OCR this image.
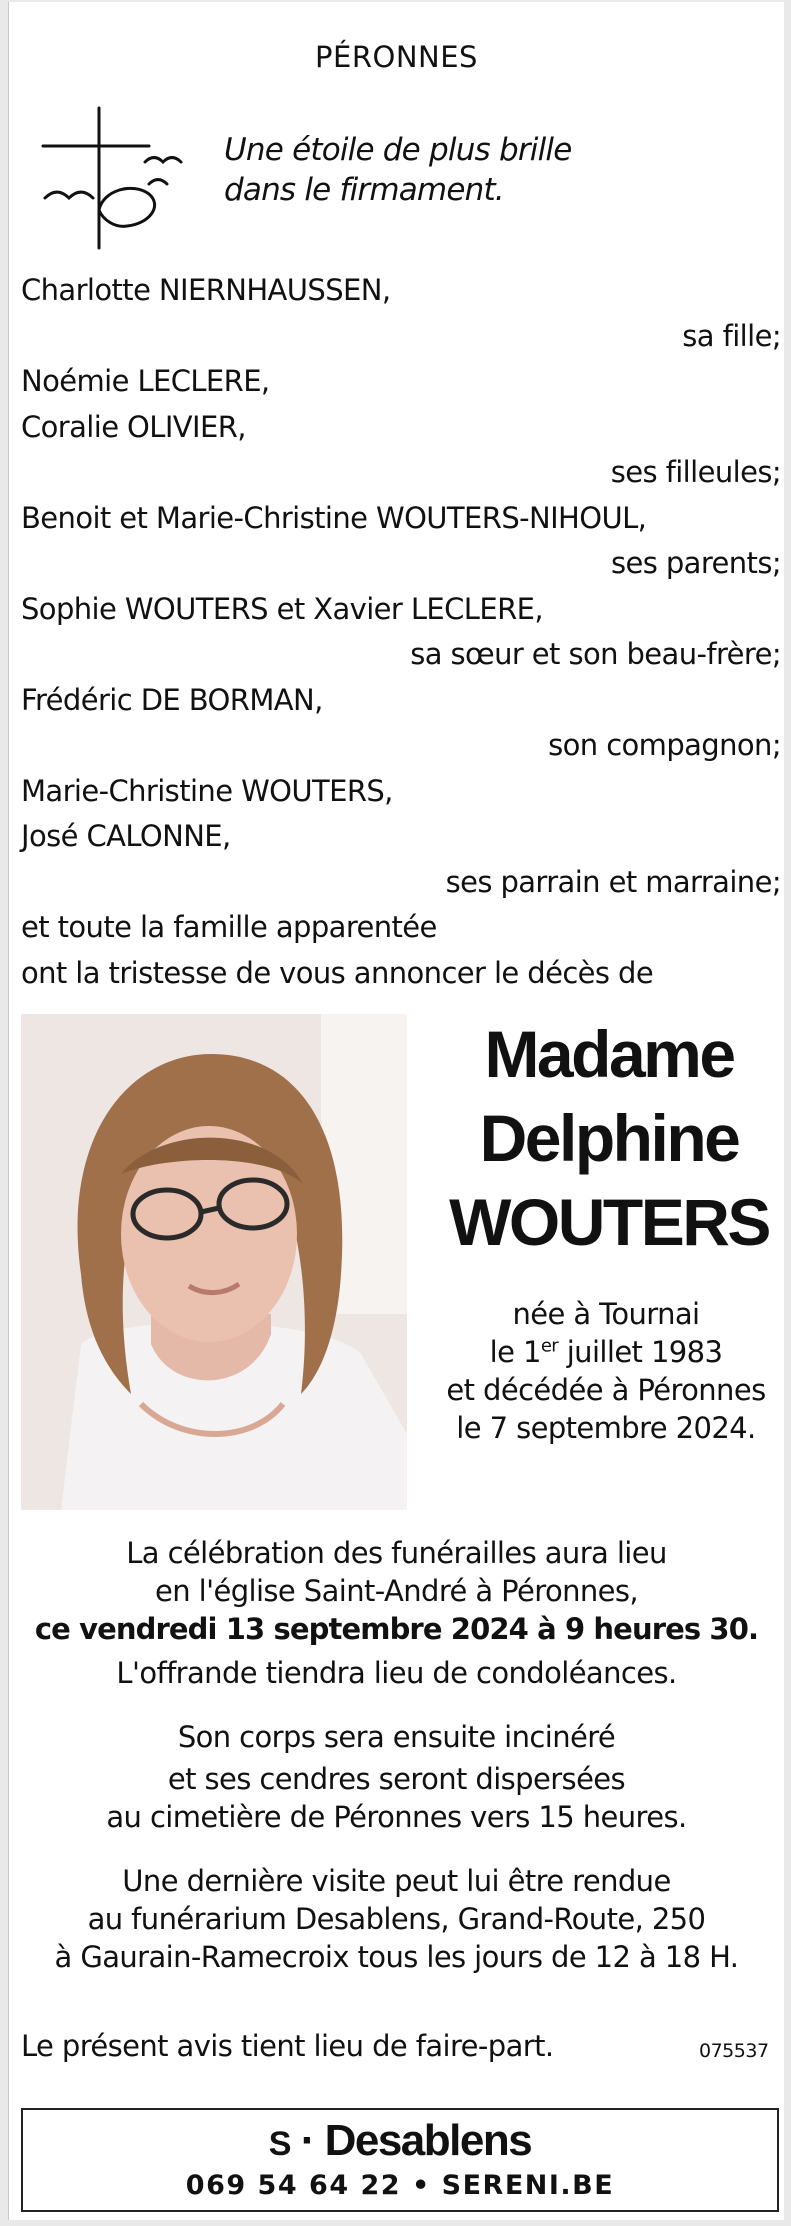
PÉRONNES
Une étoile de plus brille
dans le firmament.
Charlotte NIERNHAUSSEN,
sa fille;
Noémie LECLERE,
Coralie OLIVIER,
ses filleules;
Benoit et Marie-Christine WOUTERS-NIHOUL,
ses parents;
Sophie WOUTERS et Xavier LECLERE,
sa sœur et son beau-frère;
Frédéric DE BORMAN,
son compagnon;
Marie-Christine WOUTERS,
José CALONNE,
ses parrain et marraine;
et toute la famille apparentée
ont la tristesse de vous annoncer le décès de
Madame
Delphine
WOUTERS
née à Tournai
le 1er juillet 1983
et décédée à Péronnes
le 7 septembre 2024.
La célébration des funérailles aura lieu
en l'église Saint-André à Péronnes,
ce vendredi 13 septembre 2024 à 9 heures 30.
L'offrande tiendra lieu de condoléances.
Son corps sera ensuite incinéré
et ses cendres seront dispersées
au cimetière de Péronnes vers 15 heures.
Une dernière visite peut lui être rendue
au funérarium Desablens, Grand-Route, 250
à Gaurain-Ramecroix tous les jours de 12 à 18 H.
Le présent avis tient lieu de faire-part.	075537
S · Desablens
069 54 64 22 • SERENI.BE
